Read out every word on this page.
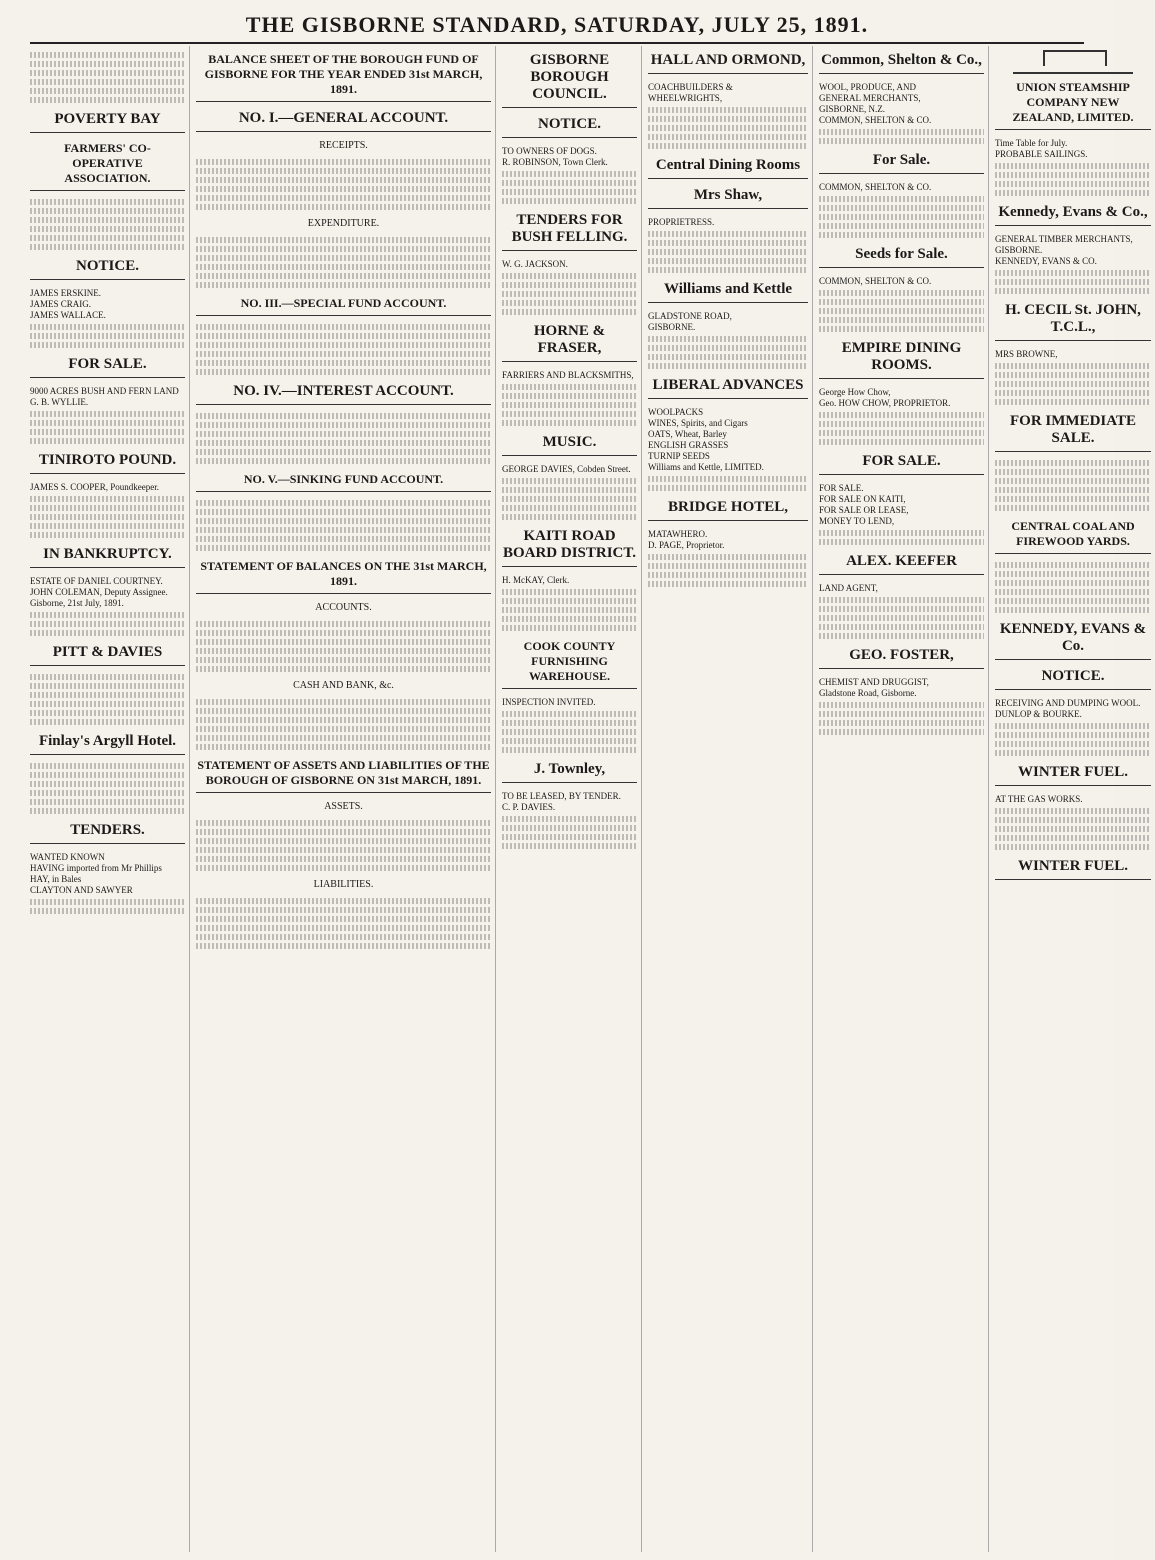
THE GISBORNE STANDARD, SATURDAY, JULY 25, 1891.
POVERTY BAY
FARMERS' CO-OPERATIVE ASSOCIATION.
NOTICE.
JAMES ERSKINE.
JAMES CRAIG.
JAMES WALLACE.
FOR SALE.
9000 ACRES BUSH AND FERN LAND
G. B. WYLLIE.
TINIROTO POUND.
JAMES S. COOPER, Poundkeeper.
IN BANKRUPTCY.
ESTATE OF DANIEL COURTNEY.
JOHN COLEMAN, Deputy Assignee.
Gisborne, 21st July, 1891.
PITT & DAVIES
Finlay's Argyll Hotel.
TENDERS.
WANTED KNOWN
HAVING imported from Mr Phillips
HAY, in Bales
CLAYTON AND SAWYER
BALANCE SHEET OF THE BOROUGH FUND OF GISBORNE FOR THE YEAR ENDED 31st MARCH, 1891.
NO. I.—GENERAL ACCOUNT.
RECEIPTS.
EXPENDITURE.
NO. III.—SPECIAL FUND ACCOUNT.
NO. IV.—INTEREST ACCOUNT.
NO. V.—SINKING FUND ACCOUNT.
STATEMENT OF BALANCES ON THE 31st MARCH, 1891.
ACCOUNTS.
CASH AND BANK, &c.
STATEMENT OF ASSETS AND LIABILITIES OF THE BOROUGH OF GISBORNE ON 31st MARCH, 1891.
ASSETS.
LIABILITIES.
GISBORNE BOROUGH COUNCIL.
NOTICE.
TO OWNERS OF DOGS.
R. ROBINSON, Town Clerk.
TENDERS FOR BUSH FELLING.
W. G. JACKSON.
HORNE & FRASER,
FARRIERS AND BLACKSMITHS,
MUSIC.
GEORGE DAVIES, Cobden Street.
KAITI ROAD BOARD DISTRICT.
H. McKAY, Clerk.
COOK COUNTY FURNISHING WAREHOUSE.
INSPECTION INVITED.
J. Townley,
TO BE LEASED, BY TENDER.
C. P. DAVIES.
HALL AND ORMOND,
COACHBUILDERS & WHEELWRIGHTS,
Central Dining Rooms
Mrs Shaw,
PROPRIETRESS.
Williams and Kettle
GLADSTONE ROAD,
GISBORNE.
LIBERAL ADVANCES
WOOLPACKS
WINES, Spirits, and Cigars
OATS, Wheat, Barley
ENGLISH GRASSES
TURNIP SEEDS
Williams and Kettle, LIMITED.
BRIDGE HOTEL,
MATAWHERO.
D. PAGE, Proprietor.
Common, Shelton & Co.,
WOOL, PRODUCE, AND
GENERAL MERCHANTS,
GISBORNE, N.Z.
COMMON, SHELTON & CO.
For Sale.
COMMON, SHELTON & CO.
Seeds for Sale.
COMMON, SHELTON & CO.
EMPIRE DINING ROOMS.
George How Chow,
Geo. HOW CHOW, PROPRIETOR.
FOR SALE.
FOR SALE.
FOR SALE ON KAITI,
FOR SALE OR LEASE,
MONEY TO LEND,
ALEX. KEEFER
LAND AGENT,
GEO. FOSTER,
CHEMIST AND DRUGGIST,
Gladstone Road, Gisborne.
UNION STEAMSHIP COMPANY NEW ZEALAND, LIMITED.
Time Table for July.
PROBABLE SAILINGS.
Kennedy, Evans & Co.,
GENERAL TIMBER MERCHANTS,
GISBORNE.
KENNEDY, EVANS & CO.
H. CECIL St. JOHN, T.C.L.,
MRS BROWNE,
FOR IMMEDIATE SALE.
CENTRAL COAL AND FIREWOOD YARDS.
KENNEDY, EVANS & Co.
NOTICE.
RECEIVING AND DUMPING WOOL.
DUNLOP & BOURKE.
WINTER FUEL.
AT THE GAS WORKS.
WINTER FUEL.
